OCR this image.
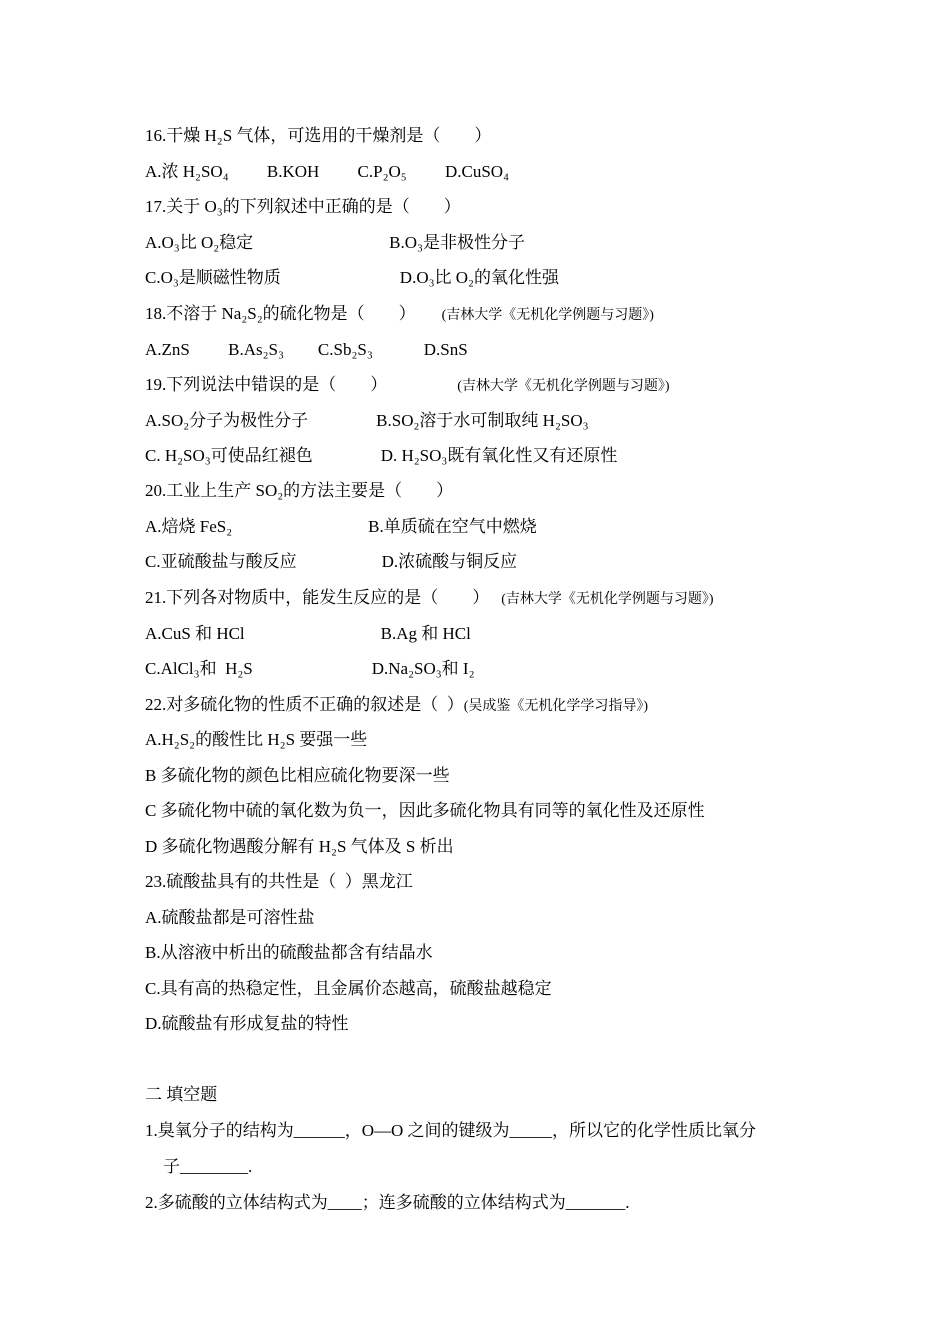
16.干燥 H₂S 气体，可选用的干燥剂是（　　）
A.浓 H₂SO₄　　 B.KOH　　 C.P₂O₅　　 D.CuSO₄
17.关于 O₃的下列叙述中正确的是（　　）
A.O₃比 O₂稳定　　　　　　　　B.O₃是非极性分子
C.O₃是顺磁性物质　　　　　　　D.O₃比 O₂的氧化性强
18.不溶于 Na₂S₂的硫化物是（　　） (吉林大学《无机化学例题与习题》)
A.ZnS　　 B.As₂S₃　　C.Sb₂S₃　　　D.SnS
19.下列说法中错误的是（　　）	(吉林大学《无机化学例题与习题》)
A.SO₂分子为极性分子　　　　B.SO₂溶于水可制取纯 H₂SO₃
C. H₂SO₃可使品红褪色　　　　D. H₂SO₃既有氧化性又有还原性
20.工业上生产 SO₂的方法主要是（　　）
A.焙烧 FeS₂　　　　　　　　B.单质硫在空气中燃烧
C.亚硫酸盐与酸反应　　　　　D.浓硫酸与铜反应
21.下列各对物质中，能发生反应的是（　　） (吉林大学《无机化学例题与习题》)
A.CuS 和 HCl　　　　　　　　B.Ag 和 HCl
C.AlCl₃和  H₂S　　　　　　　D.Na₂SO₃和 I₂
22.对多硫化物的性质不正确的叙述是（  ）(吴成鉴《无机化学学习指导》)
A.H₂S₂的酸性比 H₂S 要强一些
B 多硫化物的颜色比相应硫化物要深一些
C 多硫化物中硫的氧化数为负一，因此多硫化物具有同等的氧化性及还原性
D 多硫化物遇酸分解有 H₂S 气体及 S 析出
23.硫酸盐具有的共性是（  ）黑龙江
A.硫酸盐都是可溶性盐
B.从溶液中析出的硫酸盐都含有结晶水
C.具有高的热稳定性，且金属价态越高，硫酸盐越稳定
D.硫酸盐有形成复盐的特性
二 填空题
1.臭氧分子的结构为______，O—O 之间的键级为_____，所以它的化学性质比氧分
子________.
2.多硫酸的立体结构式为____；连多硫酸的立体结构式为_______.
